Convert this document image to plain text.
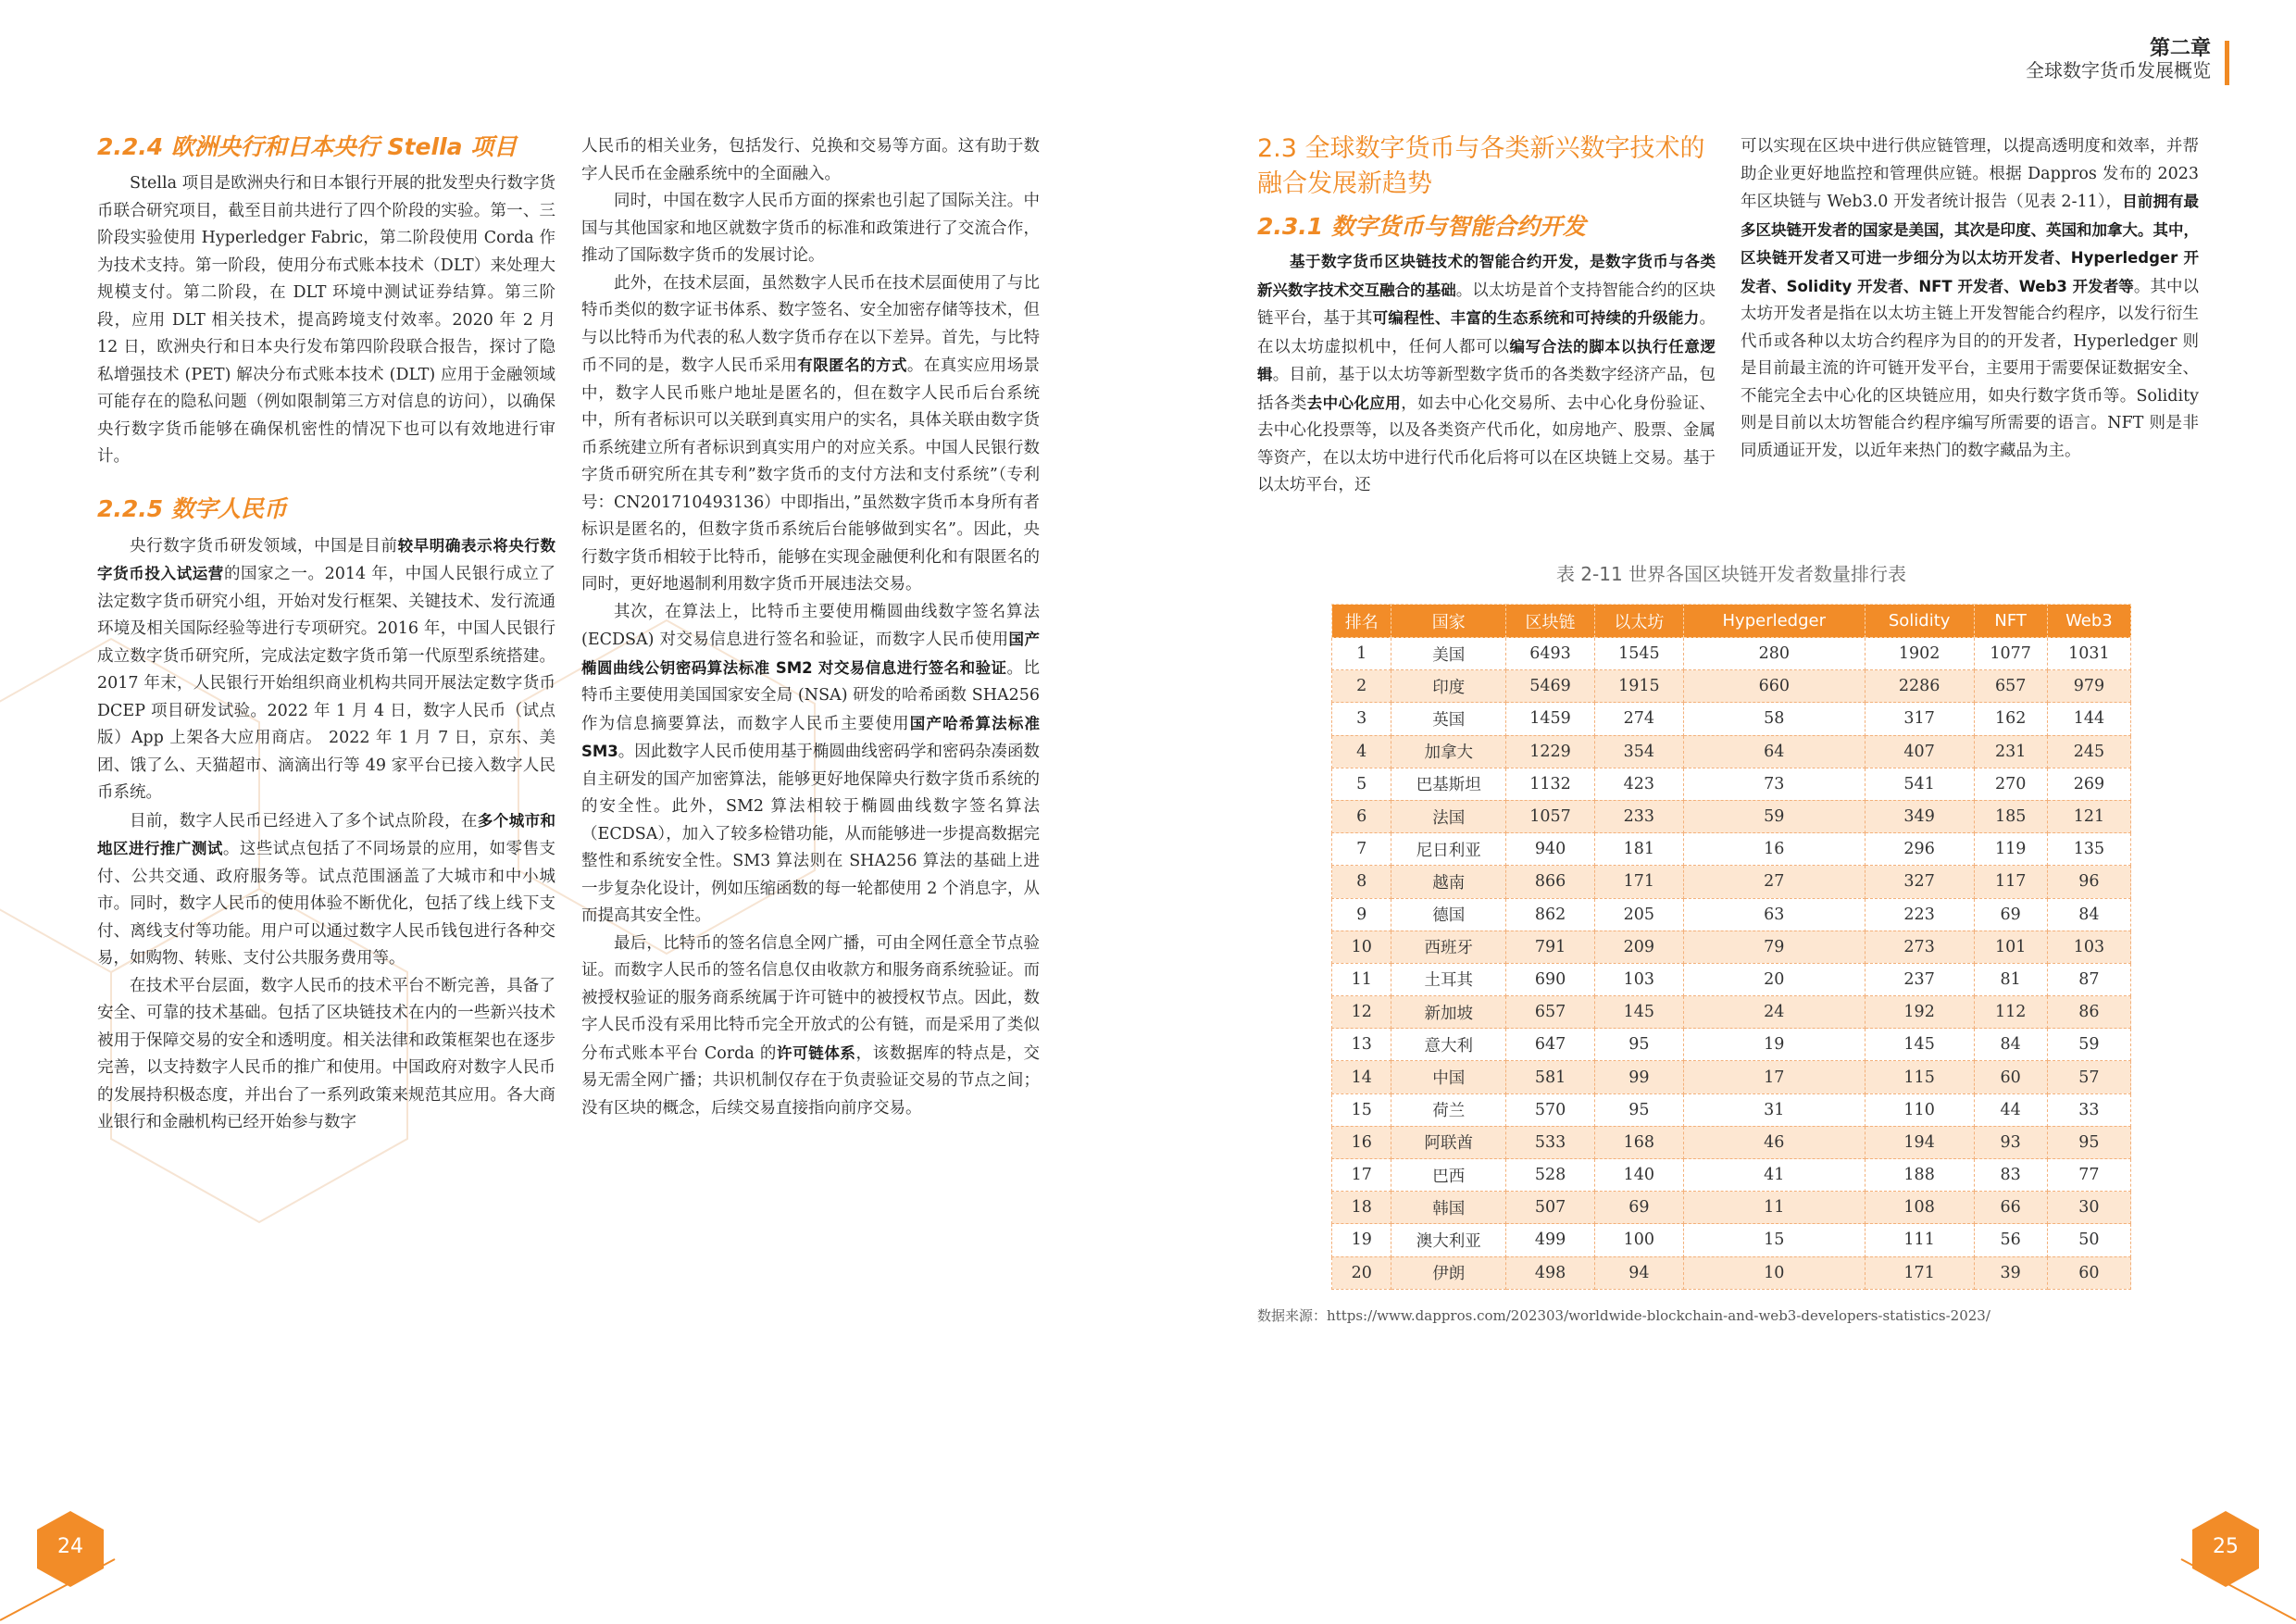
第二章
全球数字货币发展概览
2.2.4 欧洲央行和日本央行 Stella 项目

Stella 项目是欧洲央行和日本银行开展的批发型央行数字货币联合研究项目，截至目前共进行了四个阶段的实验。第一、三阶段实验使用 Hyperledger Fabric，第二阶段使用 Corda 作为技术支持。第一阶段，使用分布式账本技术（DLT）来处理大规模支付。第二阶段，在 DLT 环境中测试证券结算。第三阶段，应用 DLT 相关技术，提高跨境支付效率。2020 年 2 月 12 日，欧洲央行和日本央行发布第四阶段联合报告，探讨了隐私增强技术 (PET) 解决分布式账本技术 (DLT) 应用于金融领域可能存在的隐私问题（例如限制第三方对信息的访问），以确保央行数字货币能够在确保机密性的情况下也可以有效地进行审计。

2.2.5 数字人民币

央行数字货币研发领域，中国是目前较早明确表示将央行数字货币投入试运营的国家之一。2014 年，中国人民银行成立了法定数字货币研究小组，开始对发行框架、关键技术、发行流通环境及相关国际经验等进行专项研究。2016 年，中国人民银行成立数字货币研究所，完成法定数字货币第一代原型系统搭建。2017 年末，人民银行开始组织商业机构共同开展法定数字货币 DCEP 项目研发试验。2022 年 1 月 4 日，数字人民币（试点版）App 上架各大应用商店。 2022 年 1 月 7 日，京东、美团、饿了么、天猫超市、滴滴出行等 49 家平台已接入数字人民币系统。

目前，数字人民币已经进入了多个试点阶段，在多个城市和地区进行推广测试。这些试点包括了不同场景的应用，如零售支付、公共交通、政府服务等。试点范围涵盖了大城市和中小城市。同时，数字人民币的使用体验不断优化，包括了线上线下支付、离线支付等功能。用户可以通过数字人民币钱包进行各种交易，如购物、转账、支付公共服务费用等。

在技术平台层面，数字人民币的技术平台不断完善，具备了安全、可靠的技术基础。包括了区块链技术在内的一些新兴技术被用于保障交易的安全和透明度。相关法律和政策框架也在逐步完善，以支持数字人民币的推广和使用。中国政府对数字人民币的发展持积极态度，并出台了一系列政策来规范其应用。各大商业银行和金融机构已经开始参与数字

人民币的相关业务，包括发行、兑换和交易等方面。这有助于数字人民币在金融系统中的全面融入。

同时，中国在数字人民币方面的探索也引起了国际关注。中国与其他国家和地区就数字货币的标准和政策进行了交流合作，推动了国际数字货币的发展讨论。

此外，在技术层面，虽然数字人民币在技术层面使用了与比特币类似的数字证书体系、数字签名、安全加密存储等技术，但与以比特币为代表的私人数字货币存在以下差异。首先，与比特币不同的是，数字人民币采用有限匿名的方式。在真实应用场景中，数字人民币账户地址是匿名的，但在数字人民币后台系统中，所有者标识可以关联到真实用户的实名，具体关联由数字货币系统建立所有者标识到真实用户的对应关系。中国人民银行数字货币研究所在其专利”数字货币的支付方法和支付系统”（专利号：CN201710493136）中即指出，”虽然数字货币本身所有者标识是匿名的，但数字货币系统后台能够做到实名”。因此，央行数字货币相较于比特币，能够在实现金融便利化和有限匿名的同时，更好地遏制利用数字货币开展违法交易。

其次，在算法上，比特币主要使用椭圆曲线数字签名算法 (ECDSA) 对交易信息进行签名和验证，而数字人民币使用国产椭圆曲线公钥密码算法标准 SM2 对交易信息进行签名和验证。比特币主要使用美国国家安全局 (NSA) 研发的哈希函数 SHA256 作为信息摘要算法，而数字人民币主要使用国产哈希算法标准 SM3。因此数字人民币使用基于椭圆曲线密码学和密码杂凑函数自主研发的国产加密算法，能够更好地保障央行数字货币系统的的安全性。此外，SM2 算法相较于椭圆曲线数字签名算法（ECDSA），加入了较多检错功能，从而能够进一步提高数据完整性和系统安全性。SM3 算法则在 SHA256 算法的基础上进一步复杂化设计，例如压缩函数的每一轮都使用 2 个消息字，从而提高其安全性。

最后，比特币的签名信息全网广播，可由全网任意全节点验证。而数字人民币的签名信息仅由收款方和服务商系统验证。而被授权验证的服务商系统属于许可链中的被授权节点。因此，数字人民币没有采用比特币完全开放式的公有链，而是采用了类似分布式账本平台 Corda 的许可链体系，该数据库的特点是，交易无需全网广播；共识机制仅存在于负责验证交易的节点之间；没有区块的概念，后续交易直接指向前序交易。

2.3 全球数字货币与各类新兴数字技术的融合发展新趋势
2.3.1 数字货币与智能合约开发

基于数字货币区块链技术的智能合约开发，是数字货币与各类新兴数字技术交互融合的基础。以太坊是首个支持智能合约的区块链平台，基于其可编程性、丰富的生态系统和可持续的升级能力。在以太坊虚拟机中，任何人都可以编写合法的脚本以执行任意逻辑。目前，基于以太坊等新型数字货币的各类数字经济产品，包括各类去中心化应用，如去中心化交易所、去中心化身份验证、去中心化投票等，以及各类资产代币化，如房地产、股票、金属等资产，在以太坊中进行代币化后将可以在区块链上交易。基于以太坊平台，还

可以实现在区块中进行供应链管理，以提高透明度和效率，并帮助企业更好地监控和管理供应链。根据 Dappros 发布的 2023 年区块链与 Web3.0 开发者统计报告（见表 2-11），目前拥有最多区块链开发者的国家是美国，其次是印度、英国和加拿大。其中，区块链开发者又可进一步细分为以太坊开发者、Hyperledger 开发者、Solidity 开发者、NFT 开发者、Web3 开发者等。其中以太坊开发者是指在以太坊主链上开发智能合约程序，以发行衍生代币或各种以太坊合约程序为目的的开发者，Hyperledger 则是目前最主流的许可链开发平台，主要用于需要保证数据安全、不能完全去中心化的区块链应用，如央行数字货币等。Solidity 则是目前以太坊智能合约程序编写所需要的语言。NFT 则是非同质通证开发，以近年来热门的数字藏品为主。

表 2-11 世界各国区块链开发者数量排行表
排名	国家	区块链	以太坊	Hyperledger	Solidity	NFT	Web3
1	美国	6493	1545	280	1902	1077	1031
2	印度	5469	1915	660	2286	657	979
3	英国	1459	274	58	317	162	144
4	加拿大	1229	354	64	407	231	245
5	巴基斯坦	1132	423	73	541	270	269
6	法国	1057	233	59	349	185	121
7	尼日利亚	940	181	16	296	119	135
8	越南	866	171	27	327	117	96
9	德国	862	205	63	223	69	84
10	西班牙	791	209	79	273	101	103
11	土耳其	690	103	20	237	81	87
12	新加坡	657	145	24	192	112	86
13	意大利	647	95	19	145	84	59
14	中国	581	99	17	115	60	57
15	荷兰	570	95	31	110	44	33
16	阿联酋	533	168	46	194	93	95
17	巴西	528	140	41	188	83	77
18	韩国	507	69	11	108	66	30
19	澳大利亚	499	100	15	111	56	50
20	伊朗	498	94	10	171	39	60
数据来源：https://www.dappros.com/202303/worldwide-blockchain-and-web3-developers-statistics-2023/
24	25
